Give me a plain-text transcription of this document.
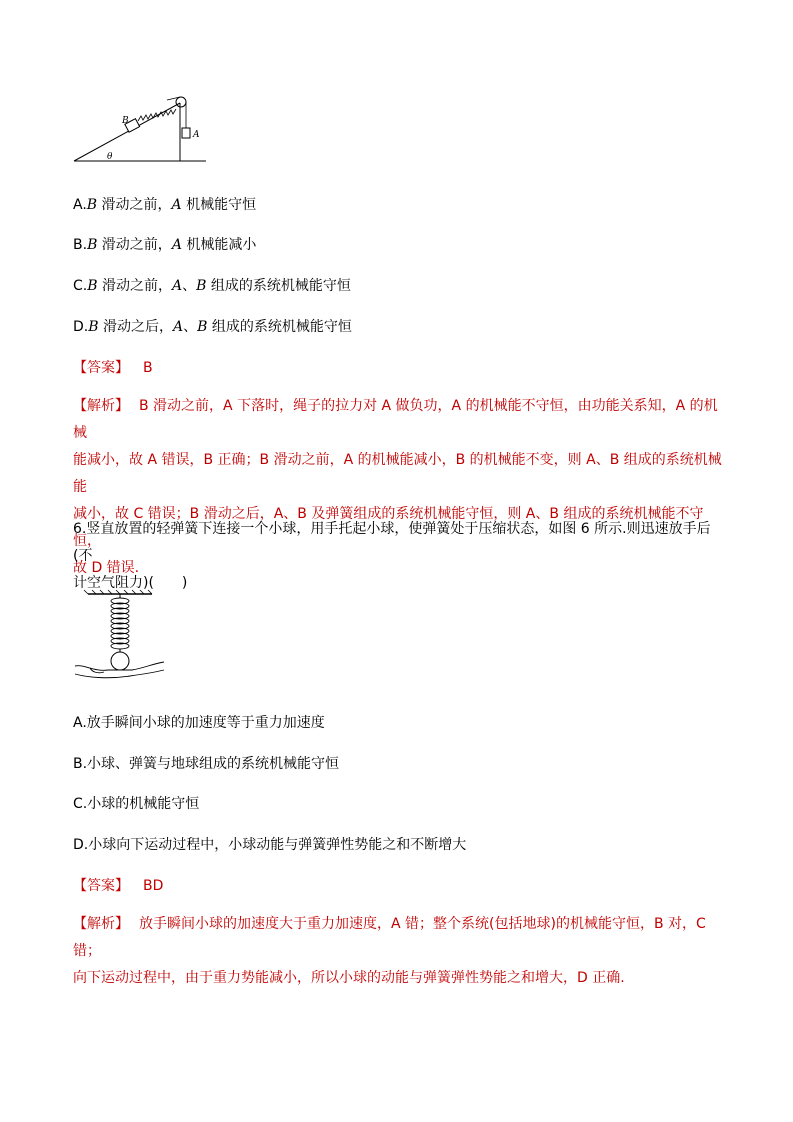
B
A
θ
A.B 滑动之前，A 机械能守恒
B.B 滑动之前，A 机械能减小
C.B 滑动之前，A、B 组成的系统机械能守恒
D.B 滑动之后，A、B 组成的系统机械能守恒
【答案】 B
【解析】 B 滑动之前，A 下落时，绳子的拉力对 A 做负功，A 的机械能不守恒，由功能关系知，A 的机械
能减小，故 A 错误，B 正确；B 滑动之前，A 的机械能减小，B 的机械能不变，则 A、B 组成的系统机械能
减小，故 C 错误；B 滑动之后，A、B 及弹簧组成的系统机械能守恒，则 A、B 组成的系统机械能不守恒，
故 D 错误.
6.竖直放置的轻弹簧下连接一个小球，用手托起小球，使弹簧处于压缩状态，如图 6 所示.则迅速放手后(不
计空气阻力)(　　)
A.放手瞬间小球的加速度等于重力加速度
B.小球、弹簧与地球组成的系统机械能守恒
C.小球的机械能守恒
D.小球向下运动过程中，小球动能与弹簧弹性势能之和不断增大
【答案】 BD
【解析】 放手瞬间小球的加速度大于重力加速度，A 错；整个系统(包括地球)的机械能守恒，B 对，C 错；
向下运动过程中，由于重力势能减小，所以小球的动能与弹簧弹性势能之和增大，D 正确.
